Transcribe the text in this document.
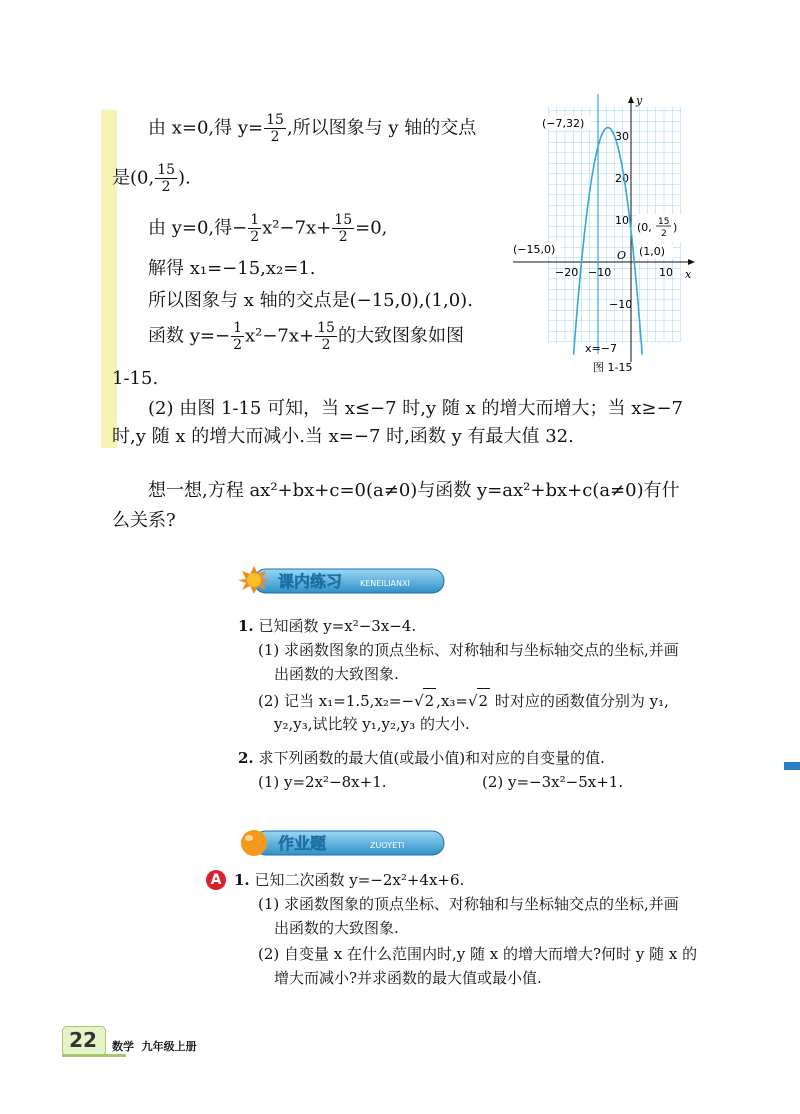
由 x=0,得 $y= \frac{15}{2}$ ,所以图象与 y 轴的交点
是(0, $\frac{15}{2}$ ).
由 y=0,得− $\frac{1}{2} x^2-7x+ \frac{15}{2} =0$,
解得 x₁=−15,x₂=1.
所以图象与 x 轴的交点是(−15,0),(1,0).
函数 $y=- \frac{1}{2} x^2-7x+ \frac{15}{2}$ 的大致图象如图
1-15.
(2) 由图 1-15 可知，当 x≤−7 时,y 随 x 的增大而增大；当 x≥−7
时,y 随 x 的增大而减小.当 x=−7 时,函数 y 有最大值 32.
y
x
O
−20 −10	10
30
20
10
−10
(−7,32)
(−15,0)	(1,0)
(0, 15
2 )
x=−7
图 1-15
想一想,方程 ax²+bx+c=0(a≠0)与函数 y=ax²+bx+c(a≠0)有什
么关系?
课内练习 KENEILIANXI
1. 已知函数 y=x²−3x−4.
(1) 求函数图象的顶点坐标、对称轴和与坐标轴交点的坐标,并画
出函数的大致图象.
(2) 记当 x₁=1.5,x₂=−√2 ,x₃=√2 时对应的函数值分别为 y₁,
y₂,y₃,试比较 y₁,y₂,y₃ 的大小.
2. 求下列函数的最大值(或最小值)和对应的自变量的值.
(1) y=2x²−8x+1.	(2) y=−3x²−5x+1.
作业题	ZUOYETI
A 1. 已知二次函数 y=−2x²+4x+6.
(1) 求函数图象的顶点坐标、对称轴和与坐标轴交点的坐标,并画
出函数的大致图象.
(2) 自变量 x 在什么范围内时,y 随 x 的增大而增大?何时 y 随 x 的
增大而减小?并求函数的最大值或最小值.
22	数学  九年级上册
